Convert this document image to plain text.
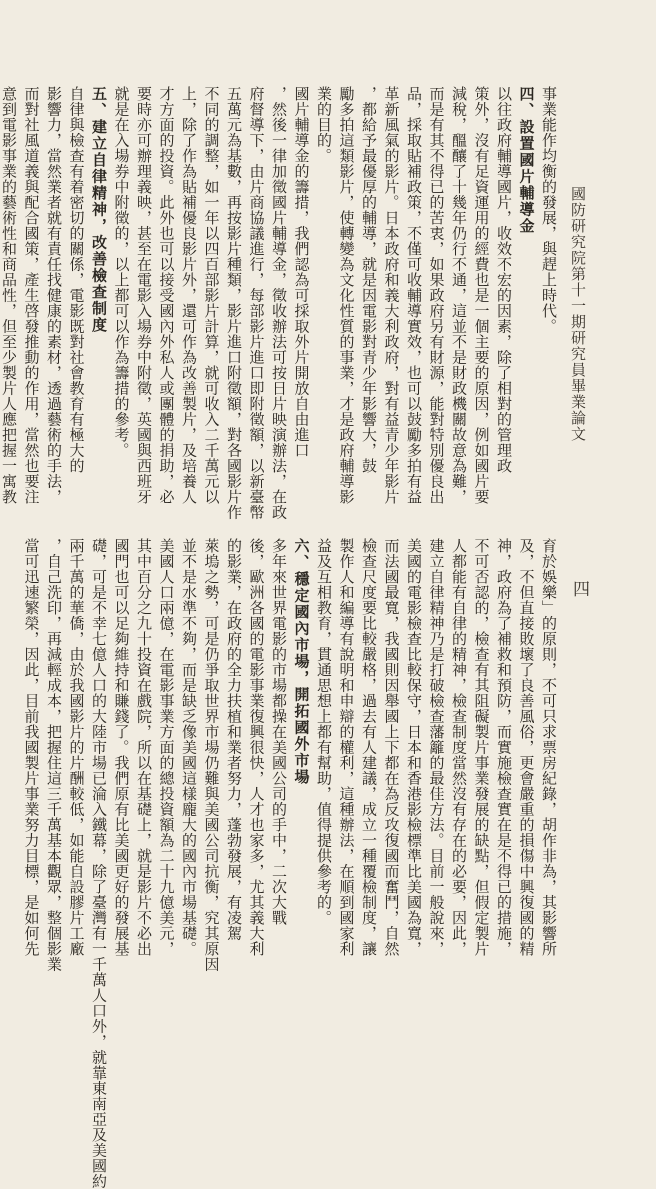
國防研究院第十一期研究員畢業論文
四
事業能作均衡的發展，與趕上時代。
四、設置國片輔導金
以往政府輔導國片，收效不宏的因素，除了相對的管理政
策外，沒有足資運用的經費也是一個主要的原因，例如國片要
減稅，醞釀了十幾年仍行不通，這並不是財政機關故意為難，
而是有其不得已的苦衷，如果政府另有財源，能對特別優良出
品，採取貼補政策，不僅可收輔導實效，也可以鼓勵多拍有益
革新風氣的影片。日本政府和義大利政府，對有益青少年影片
，都給予最優厚的輔導，就是因電影對青少年影響大，鼓
勵多拍這類影片，使轉變為文化性質的事業，才是政府輔導影
業的目的。
國片輔導金的籌措，我們認為可採取外片開放自由進口
，然後一律加徵國片輔導金，徵收辦法可按日片映演辦法，在政
府督導下，由片商協議進行，每部影片進口即附徵額，以新臺幣
五萬元為基數，再按影片種類，影片進口附徵額，對各國影片作
不同的調整，如一年以四百部影片計算，就可收入二千萬元以
上，除了作為貼補優良影片外，還可作為改善製片，及培養人
才方面的投資。此外也可以接受國內外私人或團體的捐助，必
要時亦可辦理義映，甚至在電影入場券中附徵，英國與西班牙
就是在入場券中附徵的，以上都可以作為籌措的參考。
五、建立自律精神，改善檢查制度
自律與檢查有着密切的關係，電影既對社會教育有極大的
影響力，當然業者就有責任找健康的素材，透過藝術的手法，
而對社風道義與配合國策，產生啓發推動的作用，當然也要注
意到電影事業的藝術性和商品性，但至少製片人應把握一寓教
育於娛樂」的原則，不可只求票房紀錄，胡作非為，其影響所
及，不但直接敗壞了良善風俗，更會嚴重的損傷中興復國的精
神，政府為了補救和預防，而實施檢查實在是不得已的措施，
不可否認的，檢查有其阻礙製片事業發展的缺點，但假定製片
人都能有自律的精神，檢查制度當然沒有存在的必要，因此，
建立自律精神乃是打破檢查藩籬的最佳方法。目前一般說來，
美國的電影檢查比較保守，日本和香港影檢標準比美國為寬，
而法國最寬，我國則因舉國上下都在為反攻復國而奮鬥，自然
檢查尺度要比較嚴格，過去有人建議，成立一種覆檢制度，讓
製作人和編導有說明和申辯的權利，這種辦法，在順到國家利
益及互相教育，貫通思想上都有幫助，值得提供參考的。
六、穩定國內市場，開拓國外市場
多年來世界電影的市場都操在美國公司的手中，二次大戰
後，歐洲各國的電影事業復興很快，人才也家多，尤其義大利
的影業，在政府的全力扶植和業者努力，蓬勃發展，有凌駕
萊塢之勢，可是仍爭取世界市場仍難與美國公司抗衡，究其原因
並不是水準不夠，而是缺乏像美國這樣龐大的國內市場基礎。
美國人口兩億，在電影事業方面的總投資額為二十九億美元，
其中百分之九十投資在戲院，所以在基礎上，就是影片不必出
國門也可以足夠維持和賺錢了。我們原有比美國更好的發展基
礎，可是不幸七億人口的大陸市場已淪入鐵幕，除了臺灣有一千萬人口外，就靠東南亞及美國約
兩千萬的華僑，由於我國影片的片酬較低，如能自設膠片工廠
，自己洗印，再減輕成本，把握住這三千萬基本觀眾，整個影業
當可迅速繁榮，因此，目前我國製片事業努力目標，是如何先
